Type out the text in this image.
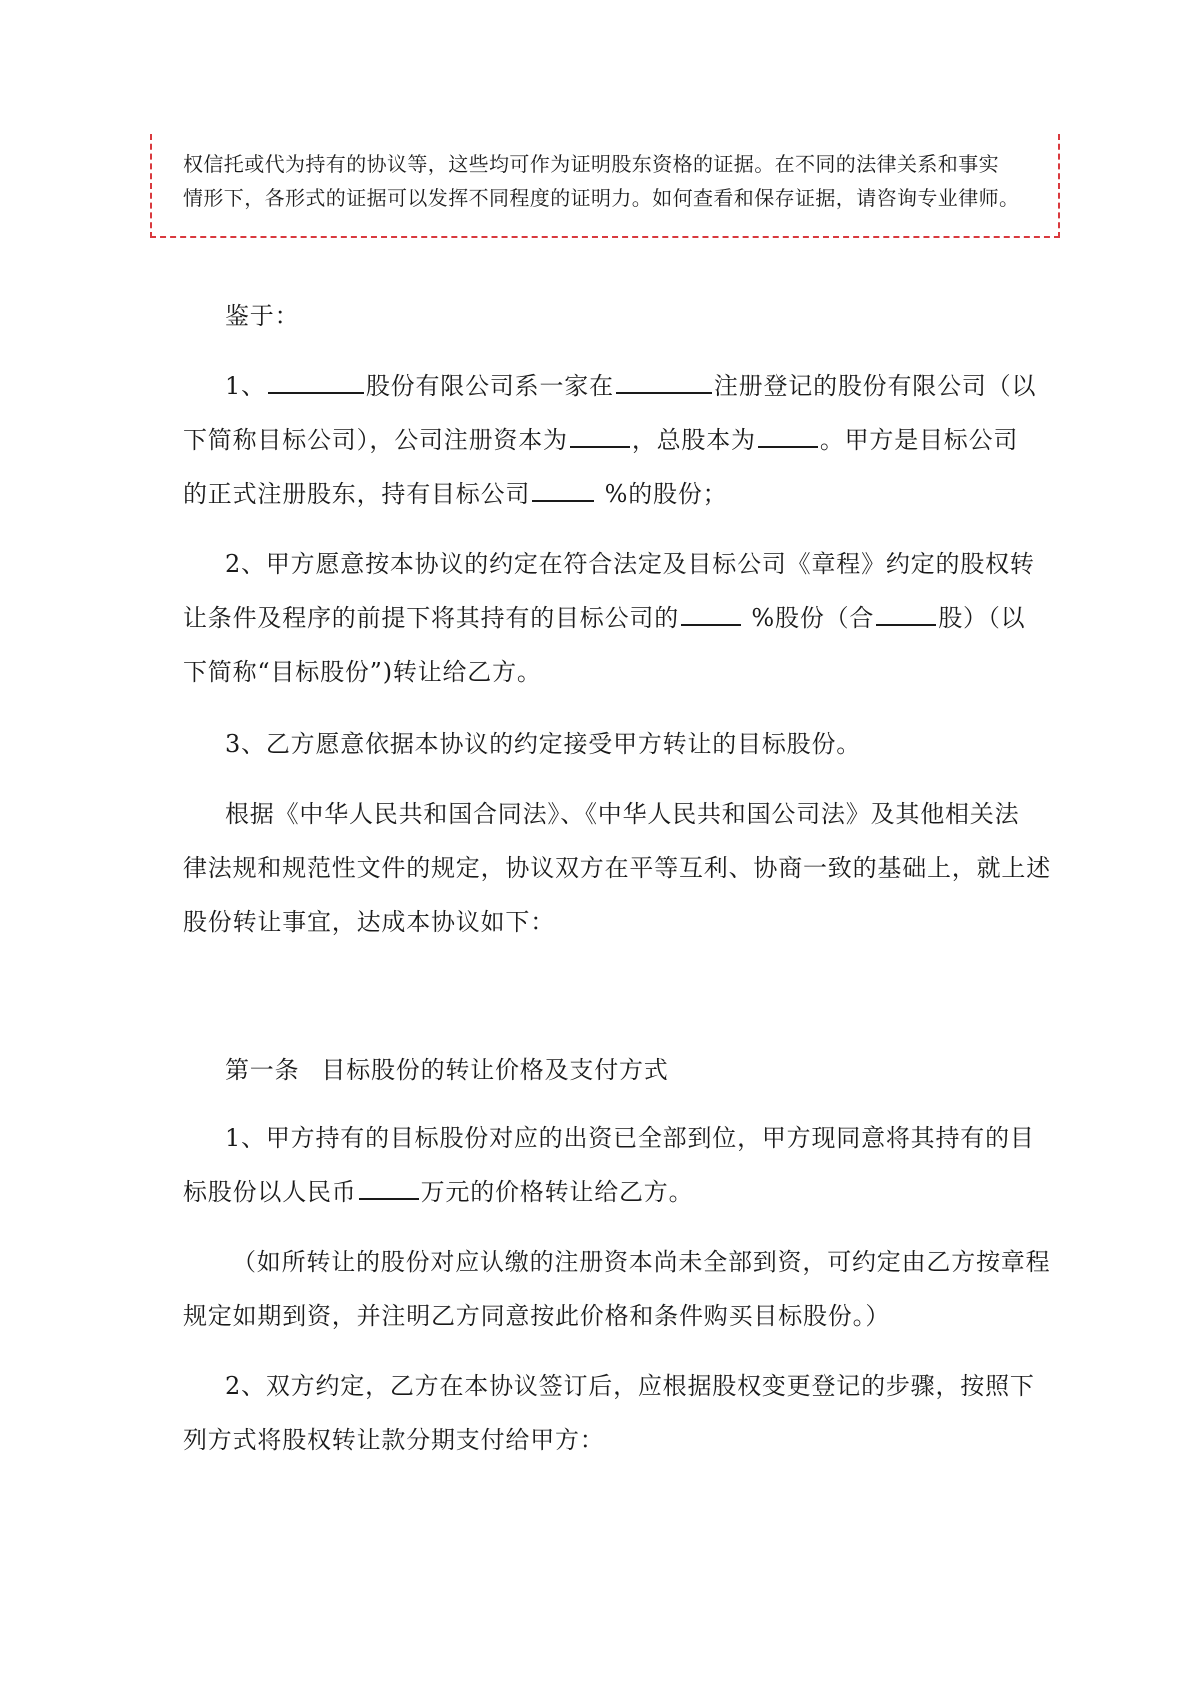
权信托或代为持有的协议等，这些均可作为证明股东资格的证据。在不同的法律关系和事实
情形下，各形式的证据可以发挥不同程度的证明力。如何查看和保存证据，请咨询专业律师。
鉴于：
1、	股份有限公司系一家在	注册登记的股份有限公司（以
下简称目标公司），公司注册资本为	，总股本为	。甲方是目标公司
的正式注册股东，持有目标公司	%的股份；
2、甲方愿意按本协议的约定在符合法定及目标公司《章程》约定的股权转
让条件及程序的前提下将其持有的目标公司的	%股份（合	股）（以
下简称“目标股份”)转让给乙方。
3、乙方愿意依据本协议的约定接受甲方转让的目标股份。
根据《中华人民共和国合同法》、《中华人民共和国公司法》及其他相关法
律法规和规范性文件的规定，协议双方在平等互利、协商一致的基础上，就上述
股份转让事宜，达成本协议如下：
第一条 目标股份的转让价格及支付方式
1、甲方持有的目标股份对应的出资已全部到位，甲方现同意将其持有的目
标股份以人民币	万元的价格转让给乙方。
（如所转让的股份对应认缴的注册资本尚未全部到资，可约定由乙方按章程
规定如期到资，并注明乙方同意按此价格和条件购买目标股份。）
2、双方约定，乙方在本协议签订后，应根据股权变更登记的步骤，按照下
列方式将股权转让款分期支付给甲方：
